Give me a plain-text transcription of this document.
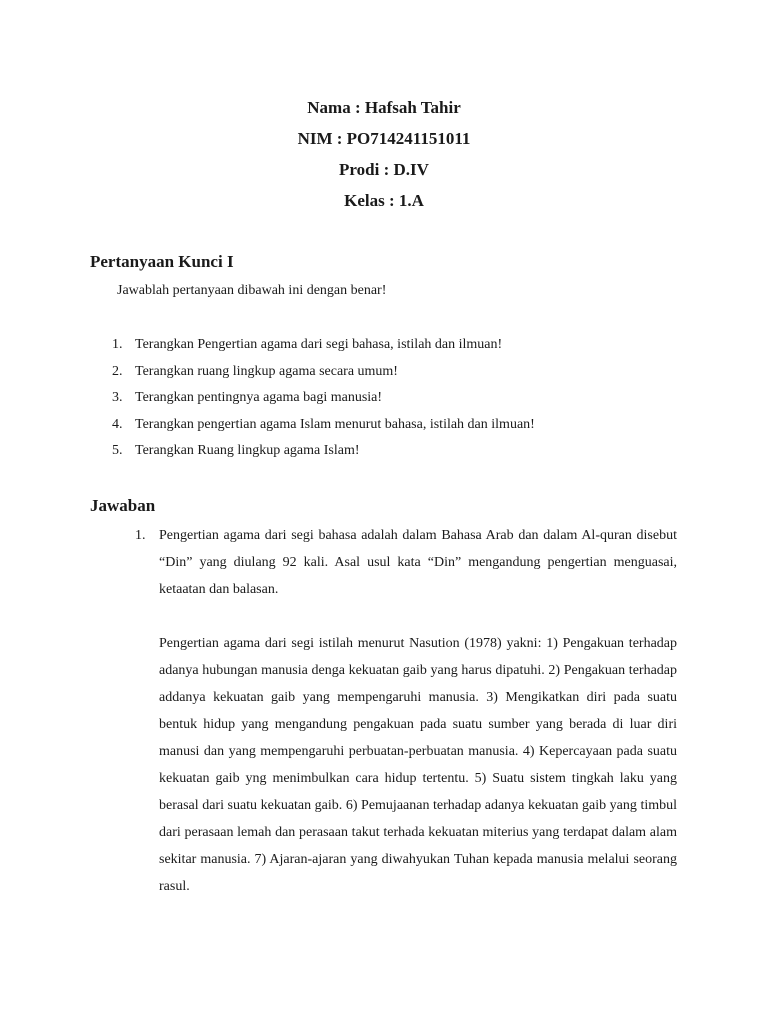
Nama : Hafsah Tahir
NIM : PO714241151011
Prodi : D.IV
Kelas : 1.A
Pertanyaan Kunci I
Jawablah pertanyaan dibawah ini dengan benar!
1. Terangkan Pengertian agama dari segi bahasa, istilah dan ilmuan!
2. Terangkan ruang lingkup agama secara umum!
3. Terangkan pentingnya agama bagi manusia!
4. Terangkan pengertian agama Islam menurut bahasa, istilah dan ilmuan!
5. Terangkan Ruang lingkup agama Islam!
Jawaban
1. Pengertian agama dari segi bahasa adalah dalam Bahasa Arab dan dalam Al-quran disebut “Din” yang diulang 92 kali. Asal usul kata “Din” mengandung pengertian menguasai, ketaatan dan balasan.

Pengertian agama dari segi istilah menurut Nasution (1978) yakni: 1) Pengakuan terhadap adanya hubungan manusia denga kekuatan gaib yang harus dipatuhi. 2) Pengakuan terhadap addanya kekuatan gaib yang mempengaruhi manusia. 3) Mengikatkan diri pada suatu bentuk hidup yang mengandung pengakuan pada suatu sumber yang berada di luar diri manusi dan yang mempengaruhi perbuatan-perbuatan manusia. 4) Kepercayaan pada suatu kekuatan gaib yng menimbulkan cara hidup tertentu. 5) Suatu sistem tingkah laku yang berasal dari suatu kekuatan gaib. 6) Pemujaanan terhadap adanya kekuatan gaib yang timbul dari perasaan lemah dan perasaan takut terhada kekuatan miterius yang terdapat dalam alam sekitar manusia. 7) Ajaran-ajaran yang diwahyukan Tuhan kepada manusia melalui seorang rasul.
